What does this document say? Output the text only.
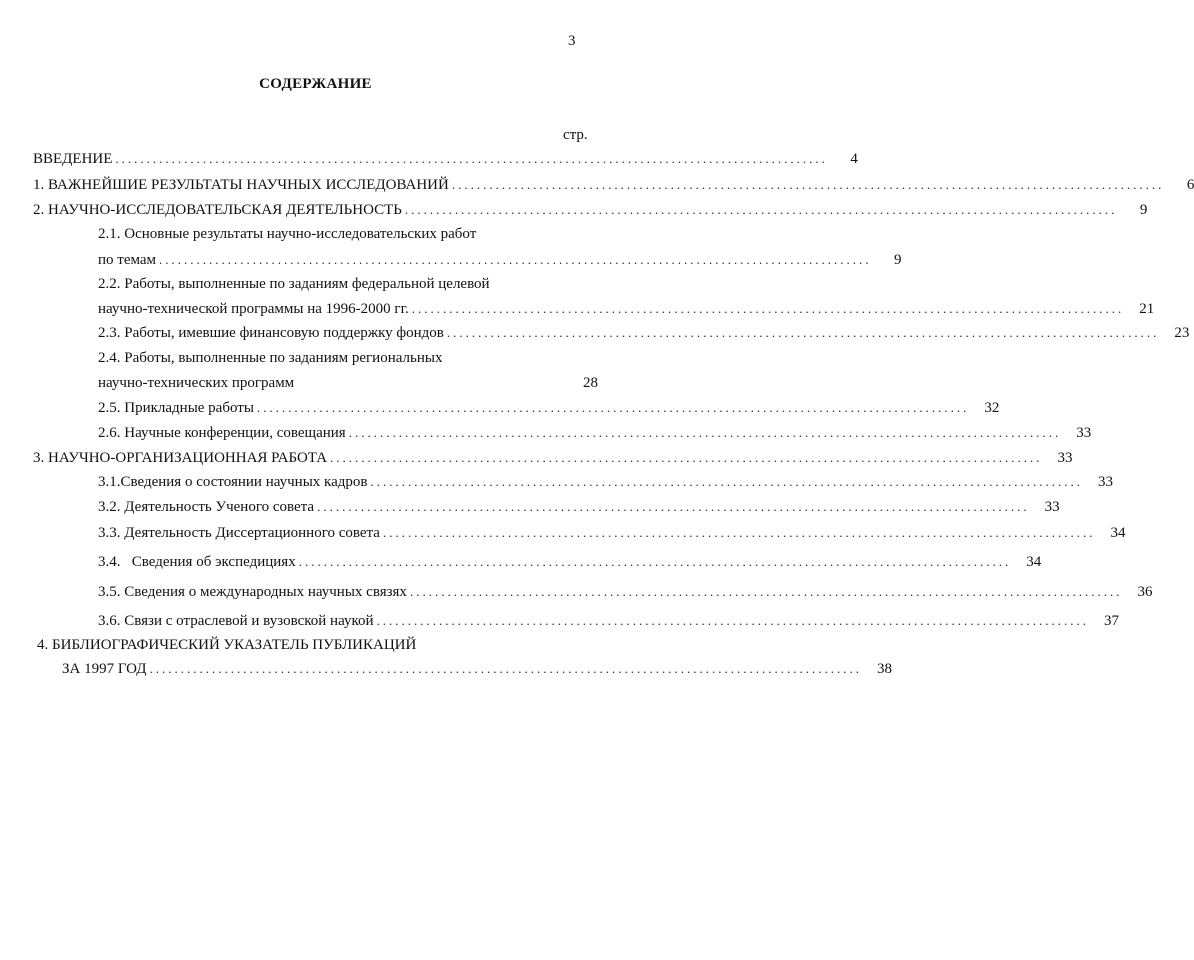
3
СОДЕРЖАНИЕ
стр.
ВВЕДЕНИЕ ..................................................................................................................	4
1. ВАЖНЕЙШИЕ РЕЗУЛЬТАТЫ НАУЧНЫХ ИССЛЕДОВАНИЙ ..................................................................................................................	6
2. НАУЧНО-ИССЛЕДОВАТЕЛЬСКАЯ ДЕЯТЕЛЬНОСТЬ ..................................................................................................................	9
2.1. Основные результаты научно-исследовательских работ
по темам ..................................................................................................................	9
2.2. Работы, выполненные по заданиям федеральной целевой
научно-технической программы на 1996-2000 гг. ..................................................................................................................	21
2.3. Работы, имевшие финансовую поддержку фондов ..................................................................................................................	23
2.4. Работы, выполненные по заданиям региональных
научно-технических программ	28
2.5. Прикладные работы ..................................................................................................................	32
2.6. Научные конференции, совещания ..................................................................................................................	33
3. НАУЧНО-ОРГАНИЗАЦИОННАЯ РАБОТА ..................................................................................................................	33
3.1.Сведения о состоянии научных кадров ..................................................................................................................	33
3.2. Деятельность Ученого совета ..................................................................................................................	33
3.3. Деятельность Диссертационного совета ..................................................................................................................	34
3.4.   Сведения об экспедициях ..................................................................................................................	34
3.5. Сведения о международных научных связях ..................................................................................................................	36
3.6. Связи с отраслевой и вузовской наукой ..................................................................................................................	37
4. БИБЛИОГРАФИЧЕСКИЙ УКАЗАТЕЛЬ ПУБЛИКАЦИЙ
ЗА 1997 ГОД ..................................................................................................................	38
